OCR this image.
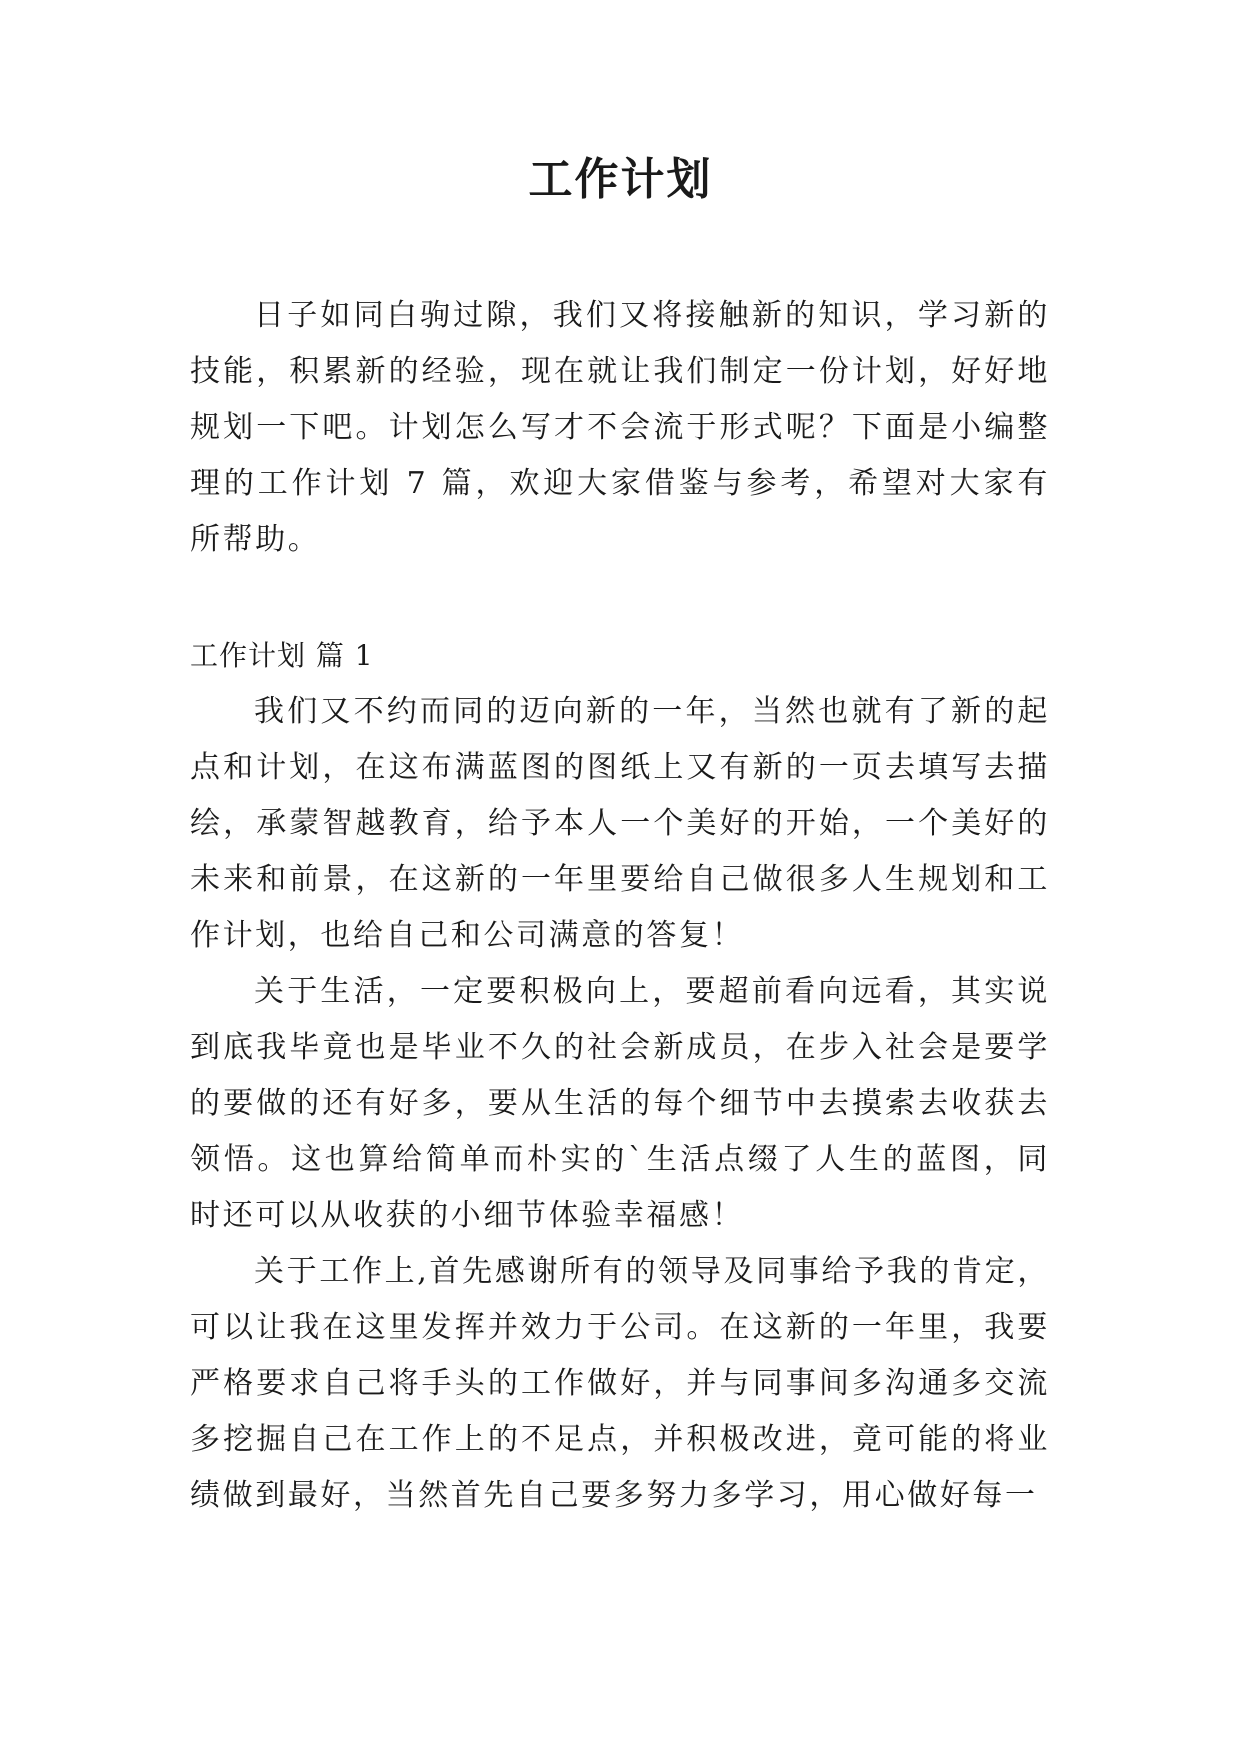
工作计划

日子如同白驹过隙，我们又将接触新的知识，学习新的技能，积累新的经验，现在就让我们制定一份计划，好好地规划一下吧。计划怎么写才不会流于形式呢？下面是小编整理的工作计划 7 篇，欢迎大家借鉴与参考，希望对大家有所帮助。

工作计划 篇 1

我们又不约而同的迈向新的一年，当然也就有了新的起点和计划，在这布满蓝图的图纸上又有新的一页去填写去描绘，承蒙智越教育，给予本人一个美好的开始，一个美好的未来和前景，在这新的一年里要给自己做很多人生规划和工作计划，也给自己和公司满意的答复！

关于生活，一定要积极向上，要超前看向远看，其实说到底我毕竟也是毕业不久的社会新成员，在步入社会是要学的要做的还有好多，要从生活的每个细节中去摸索去收获去领悟。这也算给简单而朴实的`生活点缀了人生的蓝图，同时还可以从收获的小细节体验幸福感！

关于工作上,首先感谢所有的领导及同事给予我的肯定，可以让我在这里发挥并效力于公司。在这新的一年里，我要严格要求自己将手头的工作做好，并与同事间多沟通多交流多挖掘自己在工作上的不足点，并积极改进，竟可能的将业绩做到最好，当然首先自己要多努力多学习，用心做好每一
